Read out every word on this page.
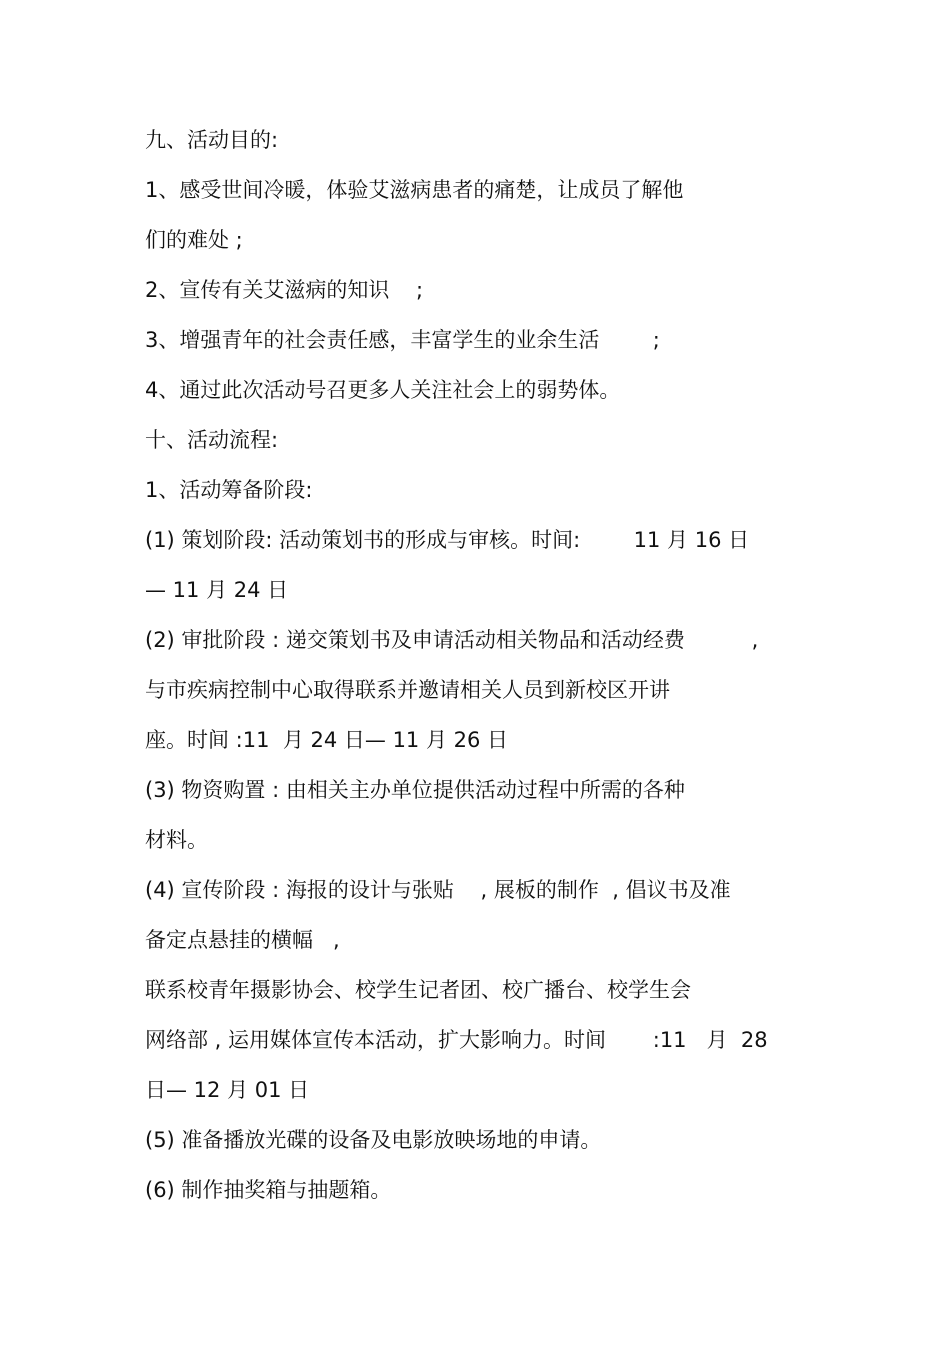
九、活动目的:
1、感受世间冷暖，体验艾滋病患者的痛楚，让成员了解他
们的难处 ;
2、宣传有关艾滋病的知识    ;
3、增强青年的社会责任感，丰富学生的业余生活        ;
4、通过此次活动号召更多人关注社会上的弱势体。
十、活动流程:
1、活动筹备阶段:
(1) 策划阶段: 活动策划书的形成与审核。时间:        11 月 16 日
— 11 月 24 日
(2) 审批阶段 : 递交策划书及申请活动相关物品和活动经费          ,
与市疾病控制中心取得联系并邀请相关人员到新校区开讲
座。时间 :11  月 24 日— 11 月 26 日
(3) 物资购置 : 由相关主办单位提供活动过程中所需的各种
材料。
(4) 宣传阶段 : 海报的设计与张贴    , 展板的制作  , 倡议书及准
备定点悬挂的横幅   ,
联系校青年摄影协会、校学生记者团、校广播台、校学生会
网络部 , 运用媒体宣传本活动，扩大影响力。时间       :11   月  28
日— 12 月 01 日
(5) 准备播放光碟的设备及电影放映场地的申请。
(6) 制作抽奖箱与抽题箱。
